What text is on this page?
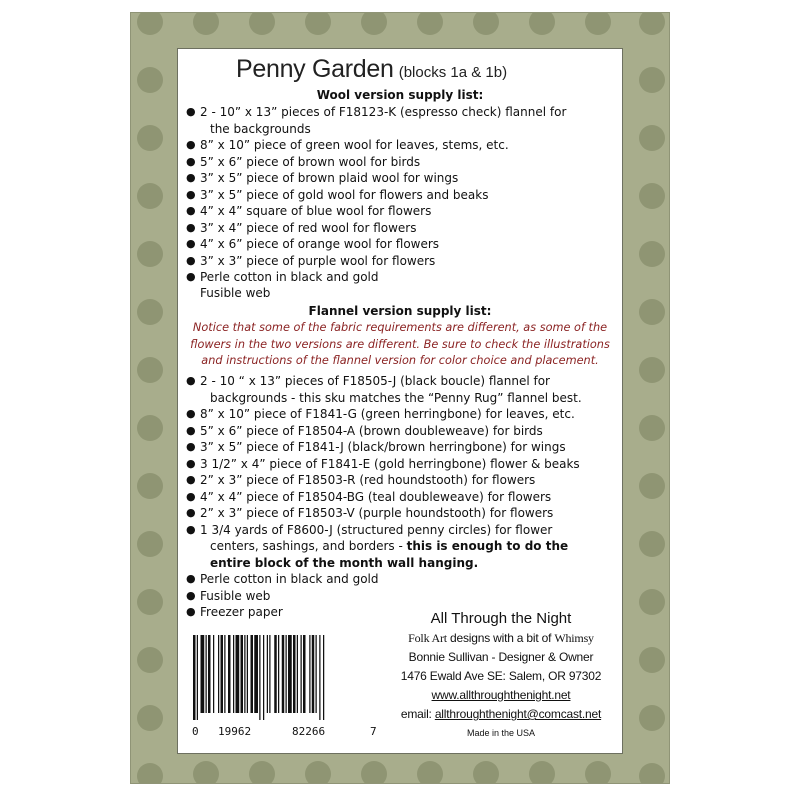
Penny Garden (blocks 1a & 1b)
Wool version supply list:
● 2 - 10” x 13” pieces of F18123-K (espresso check) flannel for
the backgrounds
● 8” x 10” piece of green wool for leaves, stems, etc.
● 5” x 6” piece of brown wool for birds
● 3” x 5” piece of brown plaid wool for wings
● 3” x 5” piece of gold wool for flowers and beaks
● 4” x 4” square of blue wool for flowers
● 3” x 4” piece of red wool for flowers
● 4” x 6” piece of orange wool for flowers
● 3” x 3” piece of purple wool for flowers
● Perle cotton in black and gold
Fusible web
Flannel version supply list:
Notice that some of the fabric requirements are different, as some of the
flowers in the two versions are different. Be sure to check the illustrations
and instructions of the flannel version for color choice and placement.
● 2 - 10 “ x 13” pieces of F18505-J (black boucle) flannel for
backgrounds - this sku matches the “Penny Rug” flannel best.
● 8” x 10” piece of F1841-G (green herringbone) for leaves, etc.
● 5” x 6” piece of F18504-A (brown doubleweave) for birds
● 3” x 5” piece of F1841-J (black/brown herringbone) for wings
● 3 1/2” x 4” piece of F1841-E (gold herringbone) flower & beaks
● 2” x 3” piece of F18503-R (red houndstooth) for flowers
● 4” x 4” piece of F18504-BG (teal doubleweave) for flowers
● 2” x 3” piece of F18503-V (purple houndstooth) for flowers
● 1 3/4 yards of F8600-J (structured penny circles) for flower
centers, sashings, and borders - this is enough to do the
entire block of the month wall hanging.
● Perle cotton in black and gold
● Fusible web
● Freezer paper	All Through the Night
Folk Art designs with a bit of Whimsy
Bonnie Sullivan - Designer & Owner
1476 Ewald Ave SE: Salem, OR 97302
www.allthroughthenight.net
email: allthroughthenight@comcast.net
Made in the USA
0 19962	82266	7
